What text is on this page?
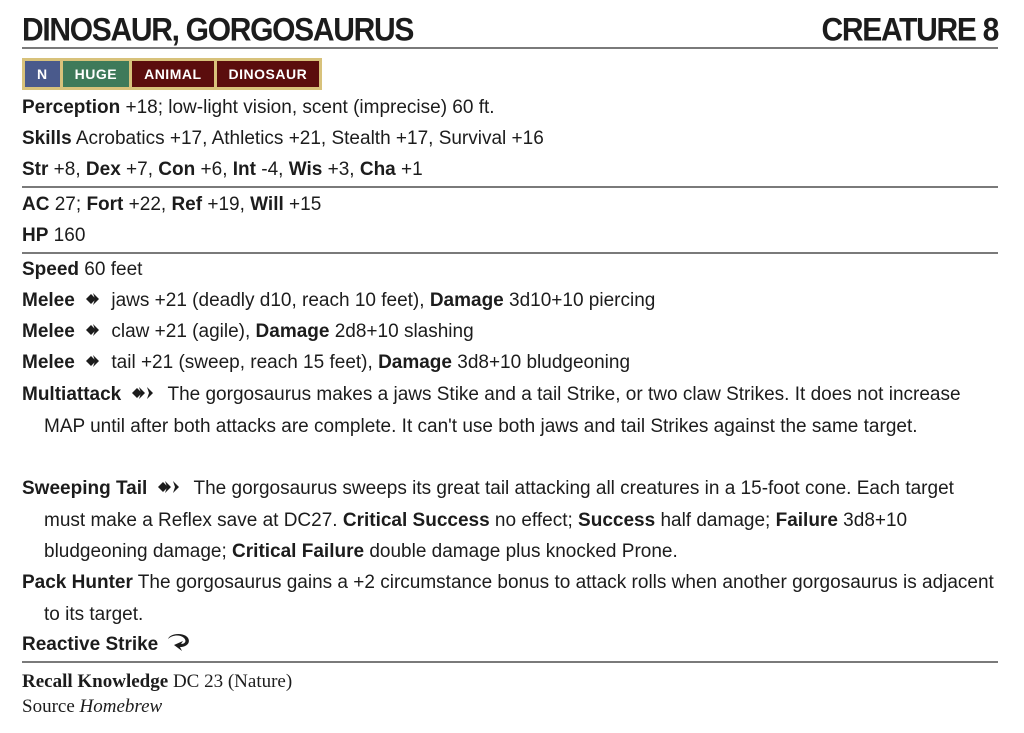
DINOSAUR, GORGOSAURUS	CREATURE 8
N	HUGE	ANIMAL	DINOSAUR
Perception +18; low-light vision, scent (imprecise) 60 ft.
Skills Acrobatics +17, Athletics +21, Stealth +17, Survival +16
Str +8, Dex +7, Con +6, Int -4, Wis +3, Cha +1
AC 27; Fort +22, Ref +19, Will +15
HP 160
Speed 60 feet
Melee  jaws +21 (deadly d10, reach 10 feet), Damage 3d10+10 piercing
Melee  claw +21 (agile), Damage 2d8+10 slashing
Melee  tail +21 (sweep, reach 15 feet), Damage 3d8+10 bludgeoning
Multiattack  The gorgosaurus makes a jaws Stike and a tail Strike, or two claw Strikes. It does not increase MAP until after both attacks are complete. It can't use both jaws and tail Strikes against the same target.
Sweeping Tail  The gorgosaurus sweeps its great tail attacking all creatures in a 15-foot cone. Each target must make a Reflex save at DC27. Critical Success no effect; Success half damage; Failure 3d8+10 bludgeoning damage; Critical Failure double damage plus knocked Prone.
Pack Hunter The gorgosaurus gains a +2 circumstance bonus to attack rolls when another gorgosaurus is adjacent to its target.
Reactive Strike
Recall Knowledge DC 23 (Nature)
Source Homebrew
